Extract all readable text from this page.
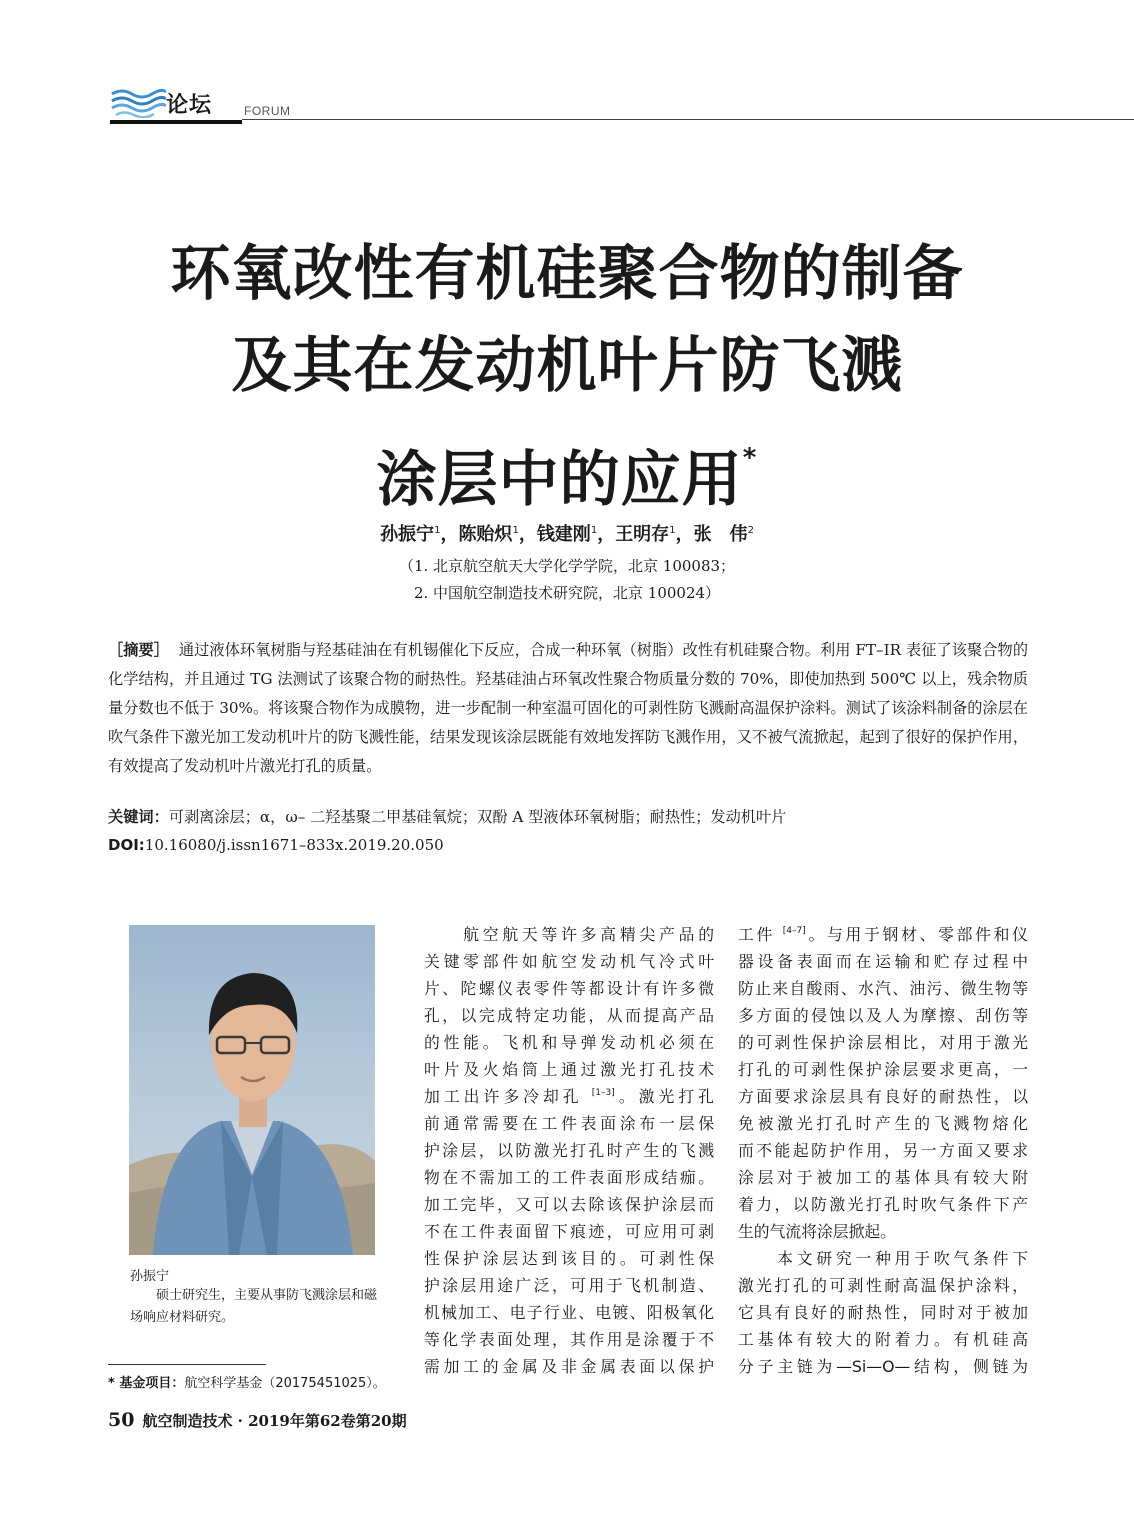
论坛	FORUM
环氧改性有机硅聚合物的制备
及其在发动机叶片防飞溅
涂层中的应用*
孙振宁$^1$，陈贻炽$^1$，钱建刚$^1$，王明存$^1$，张　伟$^2$
（1. 北京航空航天大学化学学院，北京 100083；
2. 中国航空制造技术研究院，北京 100024）
［摘要］ 通过液体环氧树脂与羟基硅油在有机锡催化下反应，合成一种环氧（树脂）改性有机硅聚合物。利用 FT–IR 表征了该聚合物的化学结构，并且通过 TG 法测试了该聚合物的耐热性。羟基硅油占环氧改性聚合物质量分数的 70%，即使加热到 500℃ 以上，残余物质量分数也不低于 30%。将该聚合物作为成膜物，进一步配制一种室温可固化的可剥性防飞溅耐高温保护涂料。测试了该涂料制备的涂层在吹气条件下激光加工发动机叶片的防飞溅性能，结果发现该涂层既能有效地发挥防飞溅作用，又不被气流掀起，起到了很好的保护作用，有效提高了发动机叶片激光打孔的质量。
关键词：可剥离涂层；α，ω– 二羟基聚二甲基硅氧烷；双酚 A 型液体环氧树脂；耐热性；发动机叶片
DOI:10.16080/j.issn1671–833x.2019.20.050
孙振宁
硕士研究生，主要从事防飞溅涂层和磁场响应材料研究。
* 基金项目：航空科学基金（20175451025）。
　　航空航天等许多高精尖产品的
关键零部件如航空发动机气冷式叶
片、陀螺仪表零件等都设计有许多微
孔，以完成特定功能，从而提高产品
的性能。飞机和导弹发动机必须在
叶片及火焰筒上通过激光打孔技术
加工出许多冷却孔 [1–3]。激光打孔
前通常需要在工件表面涂布一层保
护涂层，以防激光打孔时产生的飞溅
物在不需加工的工件表面形成结痂。
加工完毕，又可以去除该保护涂层而
不在工件表面留下痕迹，可应用可剥
性保护涂层达到该目的。可剥性保
护涂层用途广泛，可用于飞机制造、
机械加工、电子行业、电镀、阳极氧化
等化学表面处理，其作用是涂覆于不
需加工的金属及非金属表面以保护
工件 [4–7]。与用于钢材、零部件和仪
器设备表面而在运输和贮存过程中
防止来自酸雨、水汽、油污、微生物等
多方面的侵蚀以及人为摩擦、刮伤等
的可剥性保护涂层相比，对用于激光
打孔的可剥性保护涂层要求更高，一
方面要求涂层具有良好的耐热性，以
免被激光打孔时产生的飞溅物熔化
而不能起防护作用，另一方面又要求
涂层对于被加工的基体具有较大附
着力，以防激光打孔时吹气条件下产
生的气流将涂层掀起。
　　本文研究一种用于吹气条件下
激光打孔的可剥性耐高温保护涂料，
它具有良好的耐热性，同时对于被加
工基体有较大的附着力。有机硅高
分子主链为—Si—O—结构，侧链为
50 航空制造技术 · 2019年第62卷第20期
